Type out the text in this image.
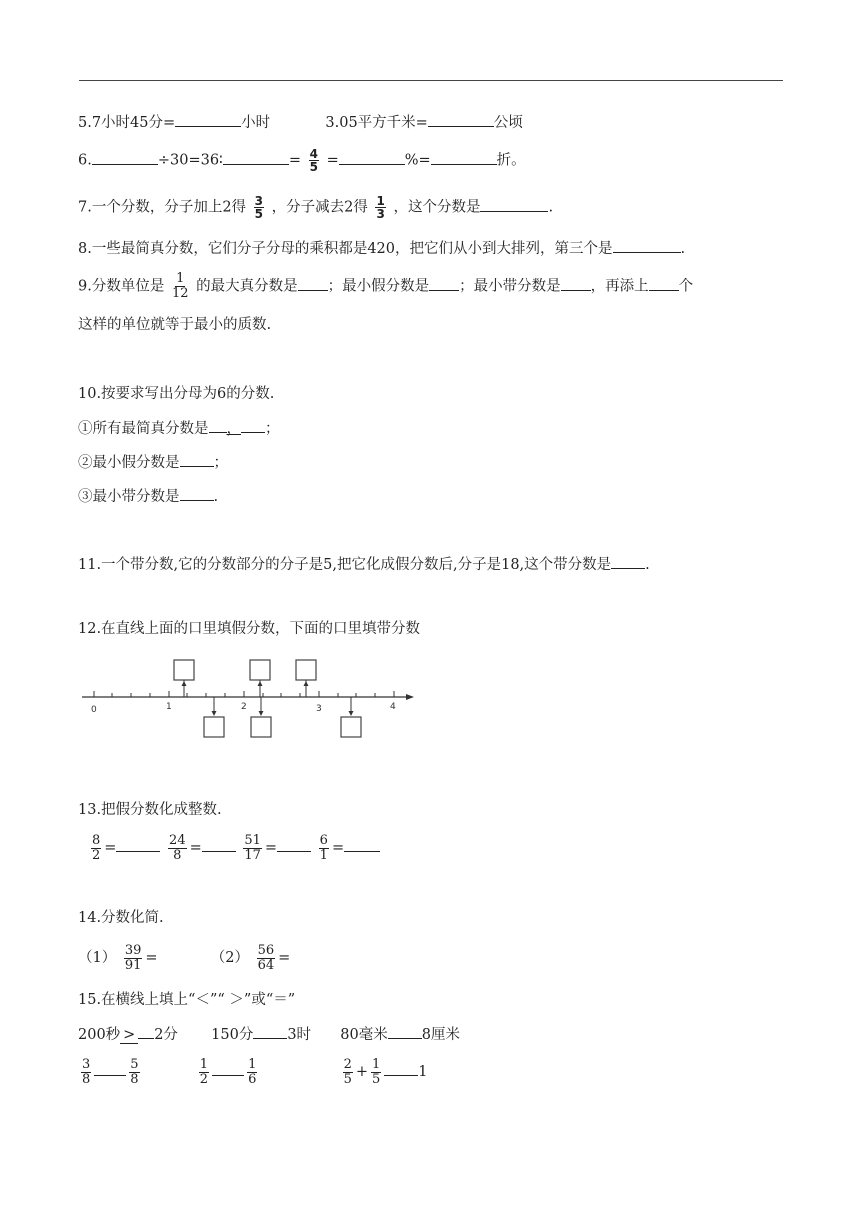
5.7小时45分=	小时	3.05平方千米=	公顷
6.	÷30=36∶	= $\frac{4}{5}$ =	%=	折。
7.一个分数，分子加上2得 $\frac{3}{5}$ ，分子减去2得 $\frac{1}{3}$ ，这个分数是	.
8.一些最简真分数，它们分子分母的乘积都是420，把它们从小到大排列，第三个是	.
9.分数单位是 $\frac{1}{12}$ 的最大真分数是 ；最小假分数是 ；最小带分数是 ，再添上 个
这样的单位就等于最小的质数.
10.按要求写出分母为6的分数.
①所有最简真分数是 ， ；
②最小假分数是 ；
③最小带分数是 .
11.一个带分数,它的分数部分的分子是5,把它化成假分数后,分子是18,这个带分数是 .
12.在直线上面的口里填假分数，下面的口里填带分数
0	1	2	3	4
13.把假分数化成整数.
$\frac{8}{2}$ =	$\frac{24}{8}$ =	$\frac{51}{17}$ =	$\frac{6}{1}$ =
14.分数化简.
$(1) \frac{39}{91}$ =	$(2) \frac{56}{64}$ =
15.在横线上填上“＜”“ ＞”或“＝”
200秒 > 2分 150分 3时 80毫米 8厘米
$\frac{3}{8}$	$\frac{5}{8}$
	$\frac{1}{2}$	$\frac{1}{6}$
	$\frac{2}{5} + \frac{1}{5}$	1
